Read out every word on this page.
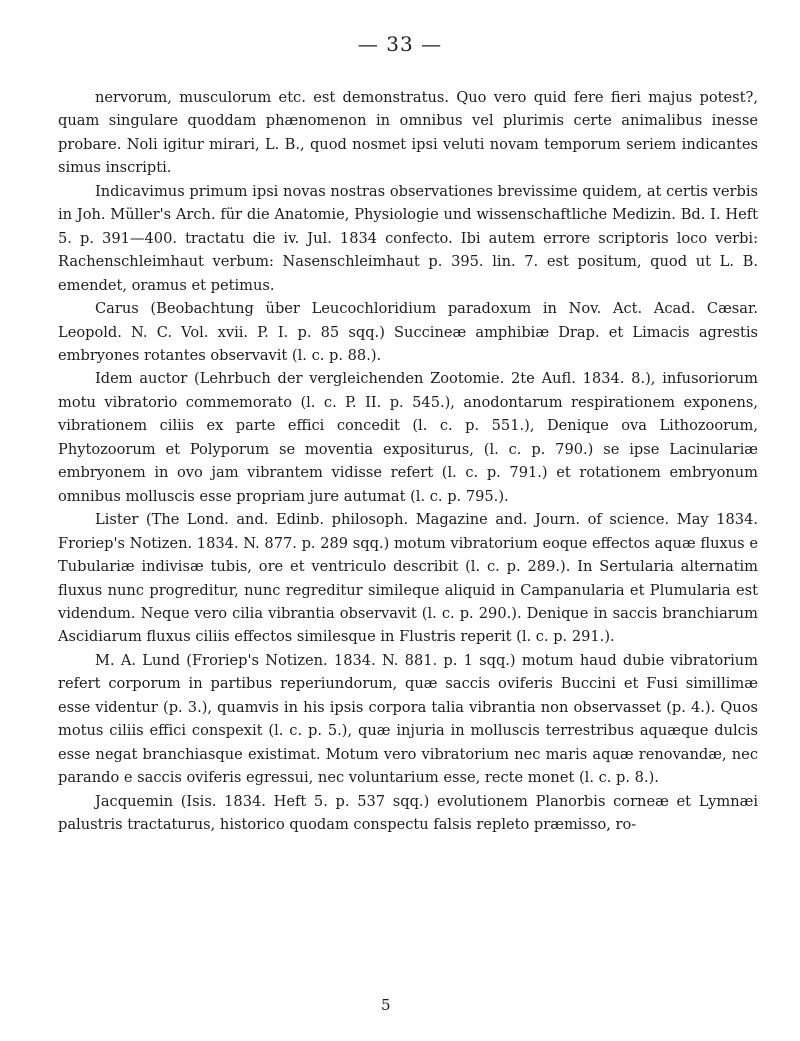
— 33 —

nervorum, musculorum etc. est demonstratus. Quo vero quid fere fieri majus potest?, quam singulare quoddam phænomenon in omnibus vel plurimis certe animalibus inesse probare. Noli igitur mirari, L. B., quod nosmet ipsi veluti novam temporum seriem indicantes simus inscripti.

Indicavimus primum ipsi novas nostras observationes brevissime quidem, at certis verbis in Joh. Müller's Arch. für die Anatomie, Physiologie und wissenschaftliche Medizin. Bd. I. Heft 5. p. 391—400. tractatu die iv. Jul. 1834 confecto. Ibi autem errore scriptoris loco verbi: Rachenschleimhaut verbum: Nasenschleimhaut p. 395. lin. 7. est positum, quod ut L. B. emendet, oramus et petimus.

Carus (Beobachtung über Leucochloridium paradoxum in Nov. Act. Acad. Cæsar. Leopold. N. C. Vol. xvii. P. I. p. 85 sqq.) Succineæ amphibiæ Drap. et Limacis agrestis embryones rotantes observavit (l. c. p. 88.).

Idem auctor (Lehrbuch der vergleichenden Zootomie. 2te Aufl. 1834. 8.), infusoriorum motu vibratorio commemorato (l. c. P. II. p. 545.), anodontarum respirationem exponens, vibrationem ciliis ex parte effici concedit (l. c. p. 551.), Denique ova Lithozoorum, Phytozoorum et Polyporum se moventia expositurus, (l. c. p. 790.) se ipse Lacinulariæ embryonem in ovo jam vibrantem vidisse refert (l. c. p. 791.) et rotationem embryonum omnibus molluscis esse propriam jure autumat (l. c. p. 795.).

Lister (The Lond. and. Edinb. philosoph. Magazine and. Journ. of science. May 1834. Froriep's Notizen. 1834. N. 877. p. 289 sqq.) motum vibratorium eoque effectos aquæ fluxus e Tubulariæ indivisæ tubis, ore et ventriculo describit (l. c. p. 289.). In Sertularia alternatim fluxus nunc progreditur, nunc regreditur simileque aliquid in Campanularia et Plumularia est videndum. Neque vero cilia vibrantia observavit (l. c. p. 290.). Denique in saccis branchiarum Ascidiarum fluxus ciliis effectos similesque in Flustris reperit (l. c. p. 291.).

M. A. Lund (Froriep's Notizen. 1834. N. 881. p. 1 sqq.) motum haud dubie vibratorium refert corporum in partibus reperiundorum, quæ saccis oviferis Buccini et Fusi simillimæ esse videntur (p. 3.), quamvis in his ipsis corpora talia vibrantia non observasset (p. 4.). Quos motus ciliis effici conspexit (l. c. p. 5.), quæ injuria in molluscis terrestribus aquæque dulcis esse negat branchiasque existimat. Motum vero vibratorium nec maris aquæ renovandæ, nec parando e saccis oviferis egressui, nec voluntarium esse, recte monet (l. c. p. 8.).

Jacquemin (Isis. 1834. Heft 5. p. 537 sqq.) evolutionem Planorbis corneæ et Lymnæi palustris tractaturus, historico quodam conspectu falsis repleto præmisso, ro-

5
